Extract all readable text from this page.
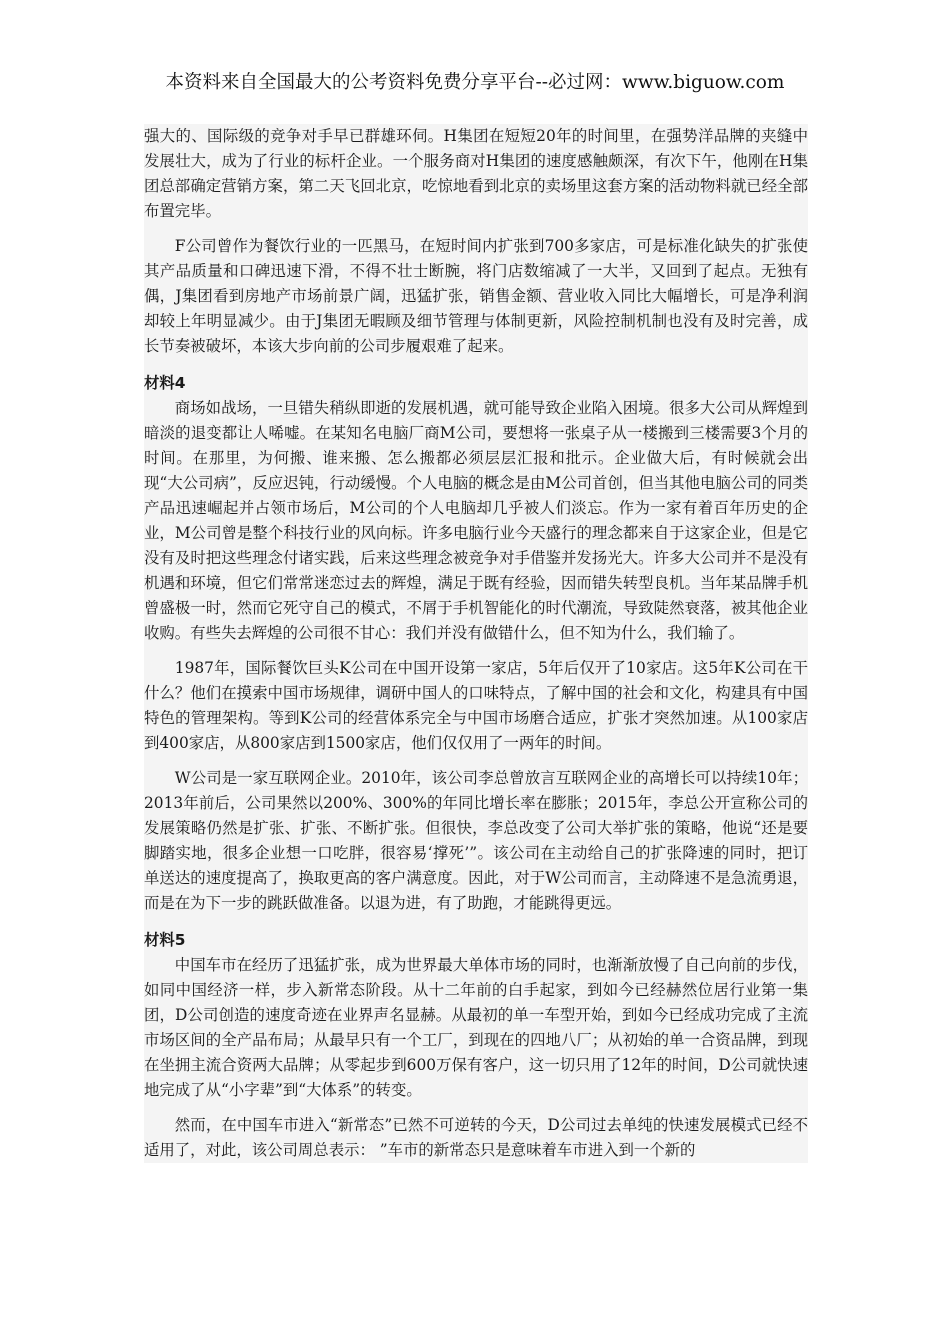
本资料来自全国最大的公考资料免费分享平台--必过网：www.biguow.com

强大的、国际级的竞争对手早已群雄环伺。H集团在短短20年的时间里，在强势洋品牌的夹缝中发展壮大，成为了行业的标杆企业。一个服务商对H集团的速度感触颇深，有次下午，他刚在H集团总部确定营销方案，第二天飞回北京，吃惊地看到北京的卖场里这套方案的活动物料就已经全部布置完毕。

F公司曾作为餐饮行业的一匹黑马，在短时间内扩张到700多家店，可是标准化缺失的扩张使其产品质量和口碑迅速下滑，不得不壮士断腕，将门店数缩减了一大半，又回到了起点。无独有偶，J集团看到房地产市场前景广阔，迅猛扩张，销售金额、营业收入同比大幅增长，可是净利润却较上年明显减少。由于J集团无暇顾及细节管理与体制更新，风险控制机制也没有及时完善，成长节奏被破坏，本该大步向前的公司步履艰难了起来。

材料4

商场如战场，一旦错失稍纵即逝的发展机遇，就可能导致企业陷入困境。很多大公司从辉煌到暗淡的退变都让人唏嘘。在某知名电脑厂商M公司，要想将一张桌子从一楼搬到三楼需要3个月的时间。在那里，为何搬、谁来搬、怎么搬都必须层层汇报和批示。企业做大后，有时候就会出现“大公司病”，反应迟钝，行动缓慢。个人电脑的概念是由M公司首创，但当其他电脑公司的同类产品迅速崛起并占领市场后，M公司的个人电脑却几乎被人们淡忘。作为一家有着百年历史的企业，M公司曾是整个科技行业的风向标。许多电脑行业今天盛行的理念都来自于这家企业，但是它没有及时把这些理念付诸实践，后来这些理念被竞争对手借鉴并发扬光大。许多大公司并不是没有机遇和环境，但它们常常迷恋过去的辉煌，满足于既有经验，因而错失转型良机。当年某品牌手机曾盛极一时，然而它死守自己的模式，不屑于手机智能化的时代潮流，导致陡然衰落，被其他企业收购。有些失去辉煌的公司很不甘心：我们并没有做错什么，但不知为什么，我们输了。

1987年，国际餐饮巨头K公司在中国开设第一家店，5年后仅开了10家店。这5年K公司在干什么？他们在摸索中国市场规律，调研中国人的口味特点，了解中国的社会和文化，构建具有中国特色的管理架构。等到K公司的经营体系完全与中国市场磨合适应，扩张才突然加速。从100家店到400家店，从800家店到1500家店，他们仅仅用了一两年的时间。

W公司是一家互联网企业。2010年，该公司李总曾放言互联网企业的高增长可以持续10年；2013年前后，公司果然以200%、300%的年同比增长率在膨胀；2015年，李总公开宣称公司的发展策略仍然是扩张、扩张、不断扩张。但很快，李总改变了公司大举扩张的策略，他说“还是要脚踏实地，很多企业想一口吃胖，很容易‘撑死’”。该公司在主动给自己的扩张降速的同时，把订单送达的速度提高了，换取更高的客户满意度。因此，对于W公司而言，主动降速不是急流勇退，而是在为下一步的跳跃做准备。以退为进，有了助跑，才能跳得更远。

材料5

中国车市在经历了迅猛扩张，成为世界最大单体市场的同时，也渐渐放慢了自己向前的步伐，如同中国经济一样，步入新常态阶段。从十二年前的白手起家，到如今已经赫然位居行业第一集团，D公司创造的速度奇迹在业界声名显赫。从最初的单一车型开始，到如今已经成功完成了主流市场区间的全产品布局；从最早只有一个工厂，到现在的四地八厂；从初始的单一合资品牌，到现在坐拥主流合资两大品牌；从零起步到600万保有客户，这一切只用了12年的时间，D公司就快速地完成了从“小字辈”到“大体系”的转变。

然而，在中国车市进入“新常态”已然不可逆转的今天，D公司过去单纯的快速发展模式已经不适用了，对此，该公司周总表示： ”车市的新常态只是意味着车市进入到一个新的
